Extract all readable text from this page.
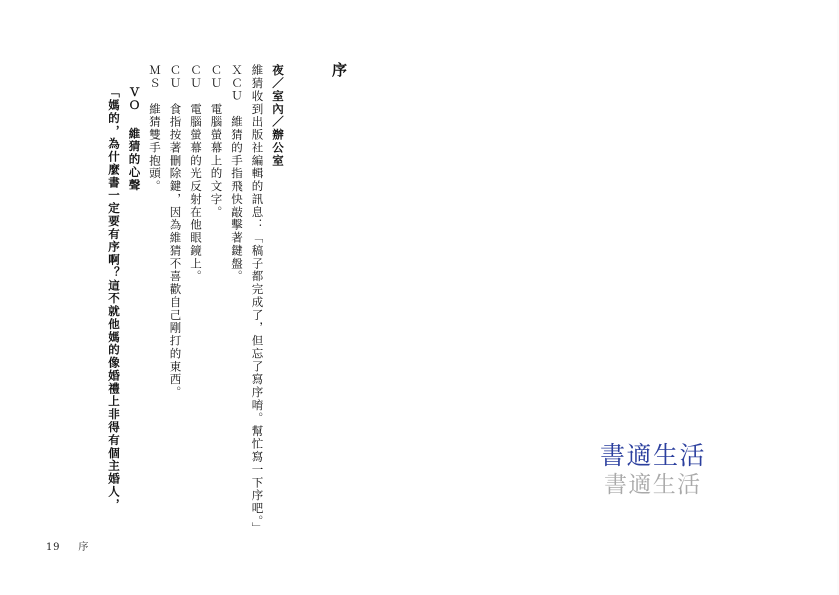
序
「媽的，為什麼書一定要有序啊？這不就他媽的像婚禮上非得有個主婚人， ＶＯ 維猜的心聲 ＭＳ　維猜雙手抱頭。 ＣＵ　食指按著刪除鍵，因為維猜不喜歡自己剛打的東西。 ＣＵ　電腦螢幕的光反射在他眼鏡上。 ＣＵ　電腦螢幕上的文字。 ＸＣＵ　維猜的手指飛快敲擊著鍵盤。 維猜收到出版社編輯的訊息：「稿子都完成了，但忘了寫序唷。幫忙寫一下序吧。」 夜／室內／辦公室
書適生活
書適生活
19 序
